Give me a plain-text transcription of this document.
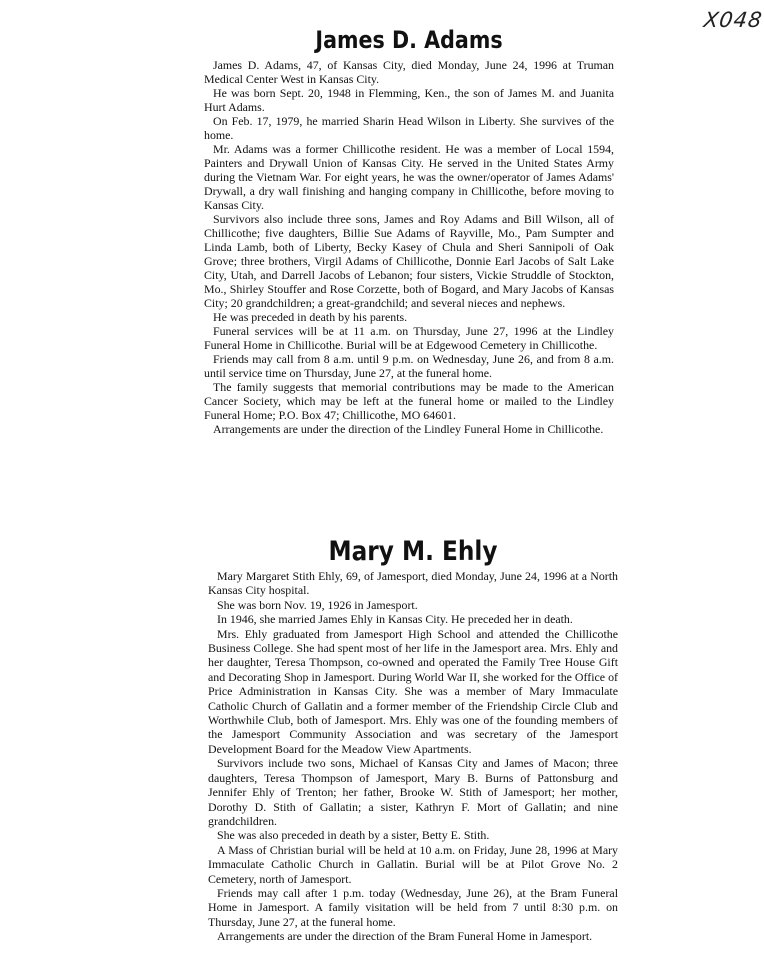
X048
James D. Adams

James D. Adams, 47, of Kansas City, died Monday, June 24, 1996 at Truman Medical Center West in Kansas City.

He was born Sept. 20, 1948 in Flemming, Ken., the son of James M. and Juanita Hurt Adams.

On Feb. 17, 1979, he married Sharin Head Wilson in Liberty. She survives of the home.

Mr. Adams was a former Chillicothe resident. He was a member of Local 1594, Painters and Drywall Union of Kansas City. He served in the United States Army during the Vietnam War. For eight years, he was the owner/operator of James Adams' Drywall, a dry wall finishing and hanging company in Chillicothe, before moving to Kansas City.

Survivors also include three sons, James and Roy Adams and Bill Wilson, all of Chillicothe; five daughters, Billie Sue Adams of Rayville, Mo., Pam Sumpter and Linda Lamb, both of Liberty, Becky Kasey of Chula and Sheri Sannipoli of Oak Grove; three brothers, Virgil Adams of Chillicothe, Donnie Earl Jacobs of Salt Lake City, Utah, and Darrell Jacobs of Lebanon; four sisters, Vickie Struddle of Stockton, Mo., Shirley Stouffer and Rose Corzette, both of Bogard, and Mary Jacobs of Kansas City; 20 grandchildren; a great-grandchild; and several nieces and nephews.

He was preceded in death by his parents.

Funeral services will be at 11 a.m. on Thursday, June 27, 1996 at the Lindley Funeral Home in Chillicothe. Burial will be at Edgewood Cemetery in Chillicothe.

Friends may call from 8 a.m. until 9 p.m. on Wednesday, June 26, and from 8 a.m. until service time on Thursday, June 27, at the funeral home.

The family suggests that memorial contributions may be made to the American Cancer Society, which may be left at the funeral home or mailed to the Lindley Funeral Home; P.O. Box 47; Chillicothe, MO 64601.

Arrangements are under the direction of the Lindley Funeral Home in Chillicothe.

Mary M. Ehly

Mary Margaret Stith Ehly, 69, of Jamesport, died Monday, June 24, 1996 at a North Kansas City hospital.

She was born Nov. 19, 1926 in Jamesport.

In 1946, she married James Ehly in Kansas City. He preceded her in death.

Mrs. Ehly graduated from Jamesport High School and attended the Chillicothe Business College. She had spent most of her life in the Jamesport area. Mrs. Ehly and her daughter, Teresa Thompson, co-owned and operated the Family Tree House Gift and Decorating Shop in Jamesport. During World War II, she worked for the Office of Price Administration in Kansas City. She was a member of Mary Immaculate Catholic Church of Gallatin and a former member of the Friendship Circle Club and Worthwhile Club, both of Jamesport. Mrs. Ehly was one of the founding members of the Jamesport Community Association and was secretary of the Jamesport Development Board for the Meadow View Apartments.

Survivors include two sons, Michael of Kansas City and James of Macon; three daughters, Teresa Thompson of Jamesport, Mary B. Burns of Pattonsburg and Jennifer Ehly of Trenton; her father, Brooke W. Stith of Jamesport; her mother, Dorothy D. Stith of Gallatin; a sister, Kathryn F. Mort of Gallatin; and nine grandchildren.

She was also preceded in death by a sister, Betty E. Stith.

A Mass of Christian burial will be held at 10 a.m. on Friday, June 28, 1996 at Mary Immaculate Catholic Church in Gallatin. Burial will be at Pilot Grove No. 2 Cemetery, north of Jamesport.

Friends may call after 1 p.m. today (Wednesday, June 26), at the Bram Funeral Home in Jamesport. A family visitation will be held from 7 until 8:30 p.m. on Thursday, June 27, at the funeral home.

Arrangements are under the direction of the Bram Funeral Home in Jamesport.
